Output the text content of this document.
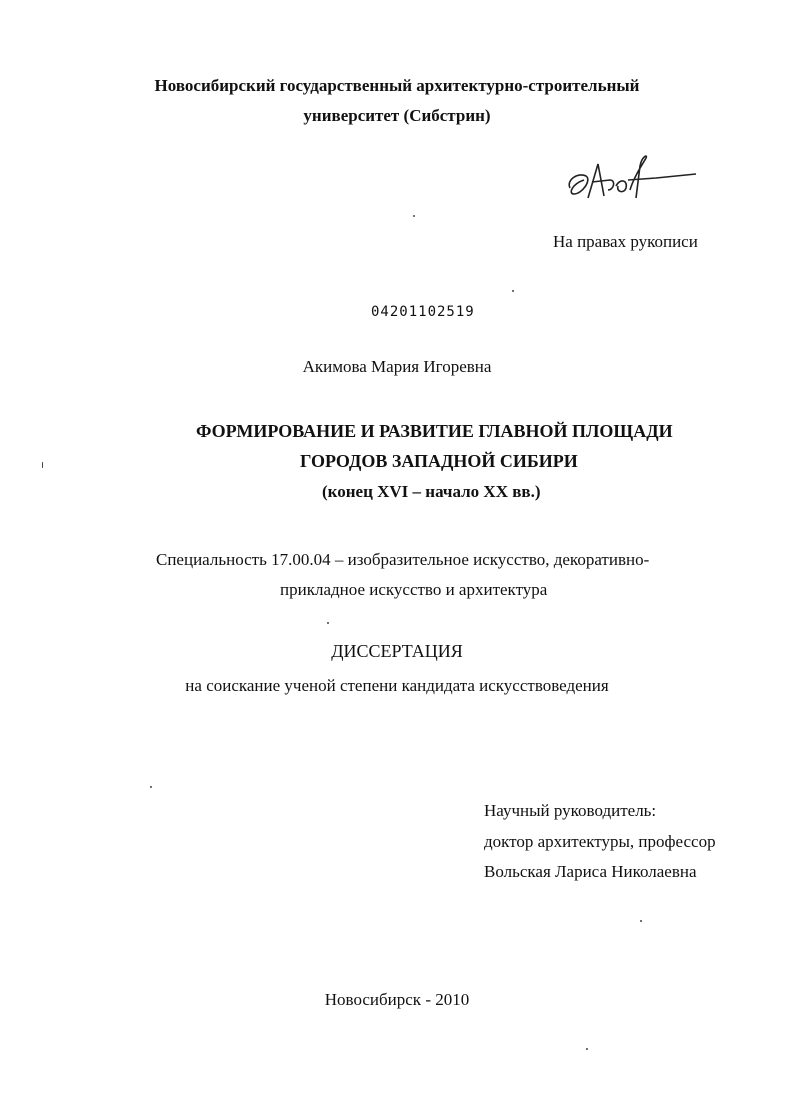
Новосибирский государственный архитектурно-строительный
университет (Сибстрин)
На правах рукописи
04201102519
Акимова Мария Игоревна
ФОРМИРОВАНИЕ И РАЗВИТИЕ ГЛАВНОЙ ПЛОЩАДИ
ГОРОДОВ ЗАПАДНОЙ СИБИРИ
(конец XVI – начало XX вв.)
Специальность 17.00.04 – изобразительное искусство, декоративно-
прикладное искусство и архитектура
ДИССЕРТАЦИЯ
на соискание ученой степени кандидата искусствоведения
Научный руководитель:
доктор архитектуры, профессор
Вольская Лариса Николаевна
Новосибирск - 2010
